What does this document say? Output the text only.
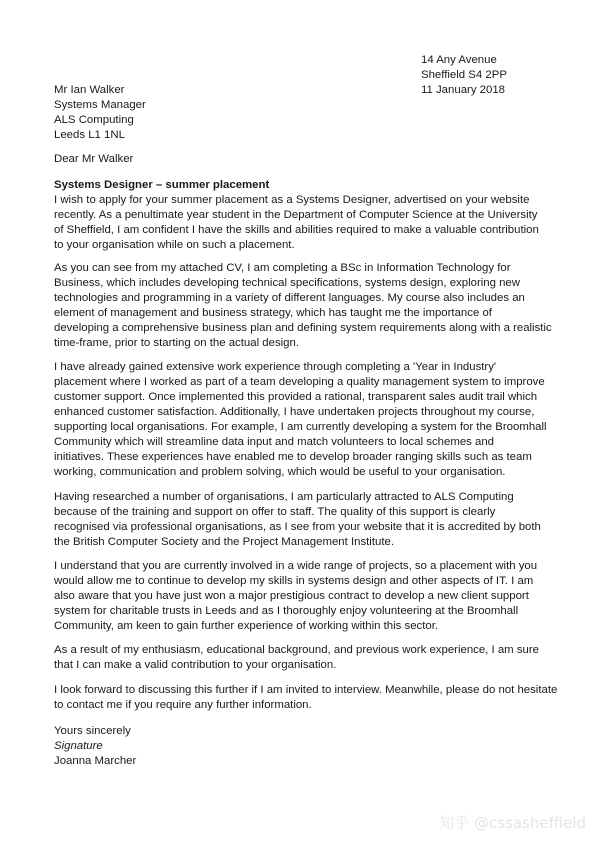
14 Any Avenue
Sheffield S4 2PP
11 January 2018
Mr Ian Walker
Systems Manager
ALS Computing
Leeds L1 1NL
Dear Mr Walker
Systems Designer – summer placement
I wish to apply for your summer placement as a Systems Designer, advertised on your website
recently. As a penultimate year student in the Department of Computer Science at the University
of Sheffield, I am confident I have the skills and abilities required to make a valuable contribution
to your organisation while on such a placement.
As you can see from my attached CV, I am completing a BSc in Information Technology for
Business, which includes developing technical specifications, systems design, exploring new
technologies and programming in a variety of different languages. My course also includes an
element of management and business strategy, which has taught me the importance of
developing a comprehensive business plan and defining system requirements along with a realistic
time-frame, prior to starting on the actual design.
I have already gained extensive work experience through completing a 'Year in Industry'
placement where I worked as part of a team developing a quality management system to improve
customer support. Once implemented this provided a rational, transparent sales audit trail which
enhanced customer satisfaction. Additionally, I have undertaken projects throughout my course,
supporting local organisations. For example, I am currently developing a system for the Broomhall
Community which will streamline data input and match volunteers to local schemes and
initiatives. These experiences have enabled me to develop broader ranging skills such as team
working, communication and problem solving, which would be useful to your organisation.
Having researched a number of organisations, I am particularly attracted to ALS Computing
because of the training and support on offer to staff. The quality of this support is clearly
recognised via professional organisations, as I see from your website that it is accredited by both
the British Computer Society and the Project Management Institute.
I understand that you are currently involved in a wide range of projects, so a placement with you
would allow me to continue to develop my skills in systems design and other aspects of IT. I am
also aware that you have just won a major prestigious contract to develop a new client support
system for charitable trusts in Leeds and as I thoroughly enjoy volunteering at the Broomhall
Community, am keen to gain further experience of working within this sector.
As a result of my enthusiasm, educational background, and previous work experience, I am sure
that I can make a valid contribution to your organisation.
I look forward to discussing this further if I am invited to interview. Meanwhile, please do not hesitate
to contact me if you require any further information.
Yours sincerely
Signature
Joanna Marcher
知乎 @cssasheffield
